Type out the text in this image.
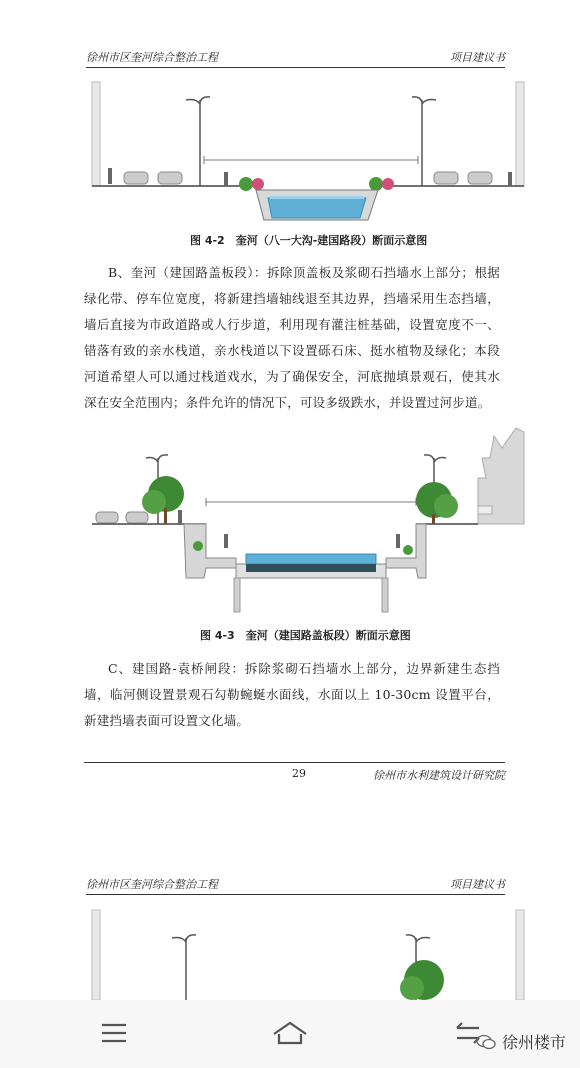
徐州市区奎河综合整治工程	项目建议书
图 4-2　奎河（八一大沟-建国路段）断面示意图
B、奎河（建国路盖板段）：拆除顶盖板及浆砌石挡墙水上部分；根据绿化带、停车位宽度，将新建挡墙轴线退至其边界，挡墙采用生态挡墙，墙后直接为市政道路或人行步道，利用现有灌注桩基础，设置宽度不一、错落有致的亲水栈道，亲水栈道以下设置砾石床、挺水植物及绿化；本段河道希望人可以通过栈道戏水，为了确保安全，河底抛填景观石，使其水深在安全范围内；条件允许的情况下，可设多级跌水，并设置过河步道。
图 4-3　奎河（建国路盖板段）断面示意图
C、建国路-袁桥闸段：拆除浆砌石挡墙水上部分，边界新建生态挡墙，临河侧设置景观石勾勒蜿蜒水面线，水面以上 10-30cm 设置平台，新建挡墙表面可设置文化墙。
29	徐州市水利建筑设计研究院
徐州市区奎河综合整治工程	项目建议书
徐州楼市
